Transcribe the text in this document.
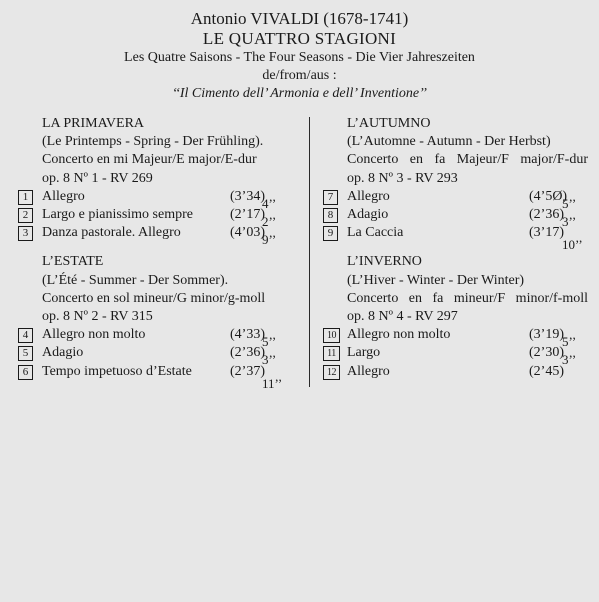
Antonio VIVALDI (1678-1741)
LE QUATTRO STAGIONI
Les Quatre Saisons - The Four Seasons - Die Vier Jahreszeiten
de/from/aus :
‘‘Il Cimento dell’ Armonia e dell’ Inventione’’
LA PRIMAVERA
(Le Printemps - Spring - Der Frühling).
Concerto en mi Majeur/E major/E-dur
op. 8 Nº 1 - RV 269
1 Allegro	(3’34)
4’’
2 Largo e pianissimo sempre	(2’17)
2’’
3 Danza pastorale. Allegro	(4’03)
9’’
L’ESTATE
(L’Été - Summer - Der Sommer).
Concerto en sol mineur/G minor/g-moll
op. 8 Nº 2 - RV 315
4 Allegro non molto	(4’33)
5’’
5 Adagio	(2’36)
3’’
6 Tempo impetuoso d’Estate	(2’37)
11’’
L’AUTUMNO
(L’Automne - Autumn - Der Herbst)
Concerto en fa Majeur/F major/F-dur
op. 8 Nº 3 - RV 293
7 Allegro	(4’5Ø)
5’’
8 Adagio	(2’36)
3’’
9 La Caccia	(3’17)
10’’
L’INVERNO
(L’Hiver - Winter - Der Winter)
Concerto en fa mineur/F minor/f-moll
op. 8 Nº 4 - RV 297
10 Allegro non molto	(3’19)
5’’
11 Largo	(2’30)
3’’
12 Allegro	(2’45)
